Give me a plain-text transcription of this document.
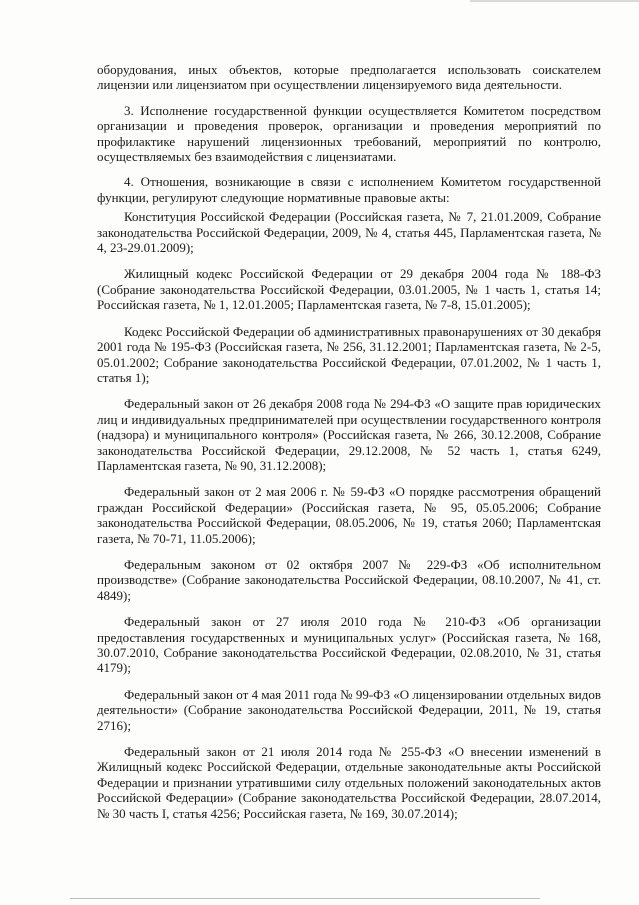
оборудования, иных объектов, которые предполагается использовать соискателем лицензии или лицензиатом при осуществлении лицензируемого вида деятельности.

3. Исполнение государственной функции осуществляется Комитетом посредством организации и проведения проверок, организации и проведения мероприятий по профилактике нарушений лицензионных требований, мероприятий по контролю, осуществляемых без взаимодействия с лицензиатами.

4. Отношения, возникающие в связи с исполнением Комитетом государственной функции, регулируют следующие нормативные правовые акты:

Конституция Российской Федерации (Российская газета, № 7, 21.01.2009, Собрание законодательства Российской Федерации, 2009, № 4, статья 445, Парламентская газета, № 4, 23-29.01.2009);

Жилищный кодекс Российской Федерации от 29 декабря 2004 года № 188-ФЗ (Собрание законодательства Российской Федерации, 03.01.2005, № 1 часть 1, статья 14; Российская газета, № 1, 12.01.2005; Парламентская газета, № 7-8, 15.01.2005);

Кодекс Российской Федерации об административных правонарушениях от 30 декабря 2001 года № 195-ФЗ (Российская газета, № 256, 31.12.2001; Парламентская газета, № 2-5, 05.01.2002; Собрание законодательства Российской Федерации, 07.01.2002, № 1 часть 1, статья 1);

Федеральный закон от 26 декабря 2008 года № 294-ФЗ «О защите прав юридических лиц и индивидуальных предпринимателей при осуществлении государственного контроля (надзора) и муниципального контроля» (Российская газета, № 266, 30.12.2008, Собрание законодательства Российской Федерации, 29.12.2008, № 52 часть 1, статья 6249, Парламентская газета, № 90, 31.12.2008);

Федеральный закон от 2 мая 2006 г. № 59-ФЗ «О порядке рассмотрения обращений граждан Российской Федерации» (Российская газета, № 95, 05.05.2006; Собрание законодательства Российской Федерации, 08.05.2006, № 19, статья 2060; Парламентская газета, № 70-71, 11.05.2006);

Федеральным законом от 02 октября 2007 № 229-ФЗ «Об исполнительном производстве» (Собрание законодательства Российской Федерации, 08.10.2007, № 41, ст. 4849);

Федеральный закон от 27 июля 2010 года № 210-ФЗ «Об организации предоставления государственных и муниципальных услуг» (Российская газета, № 168, 30.07.2010, Собрание законодательства Российской Федерации, 02.08.2010, № 31, статья 4179);

Федеральный закон от 4 мая 2011 года № 99-ФЗ «О лицензировании отдельных видов деятельности» (Собрание законодательства Российской Федерации, 2011, № 19, статья 2716);

Федеральный закон от 21 июля 2014 года № 255-ФЗ «О внесении изменений в Жилищный кодекс Российской Федерации, отдельные законодательные акты Российской Федерации и признании утратившими силу отдельных положений законодательных актов Российской Федерации» (Собрание законодательства Российской Федерации, 28.07.2014, № 30 часть I, статья 4256; Российская газета, № 169, 30.07.2014);
